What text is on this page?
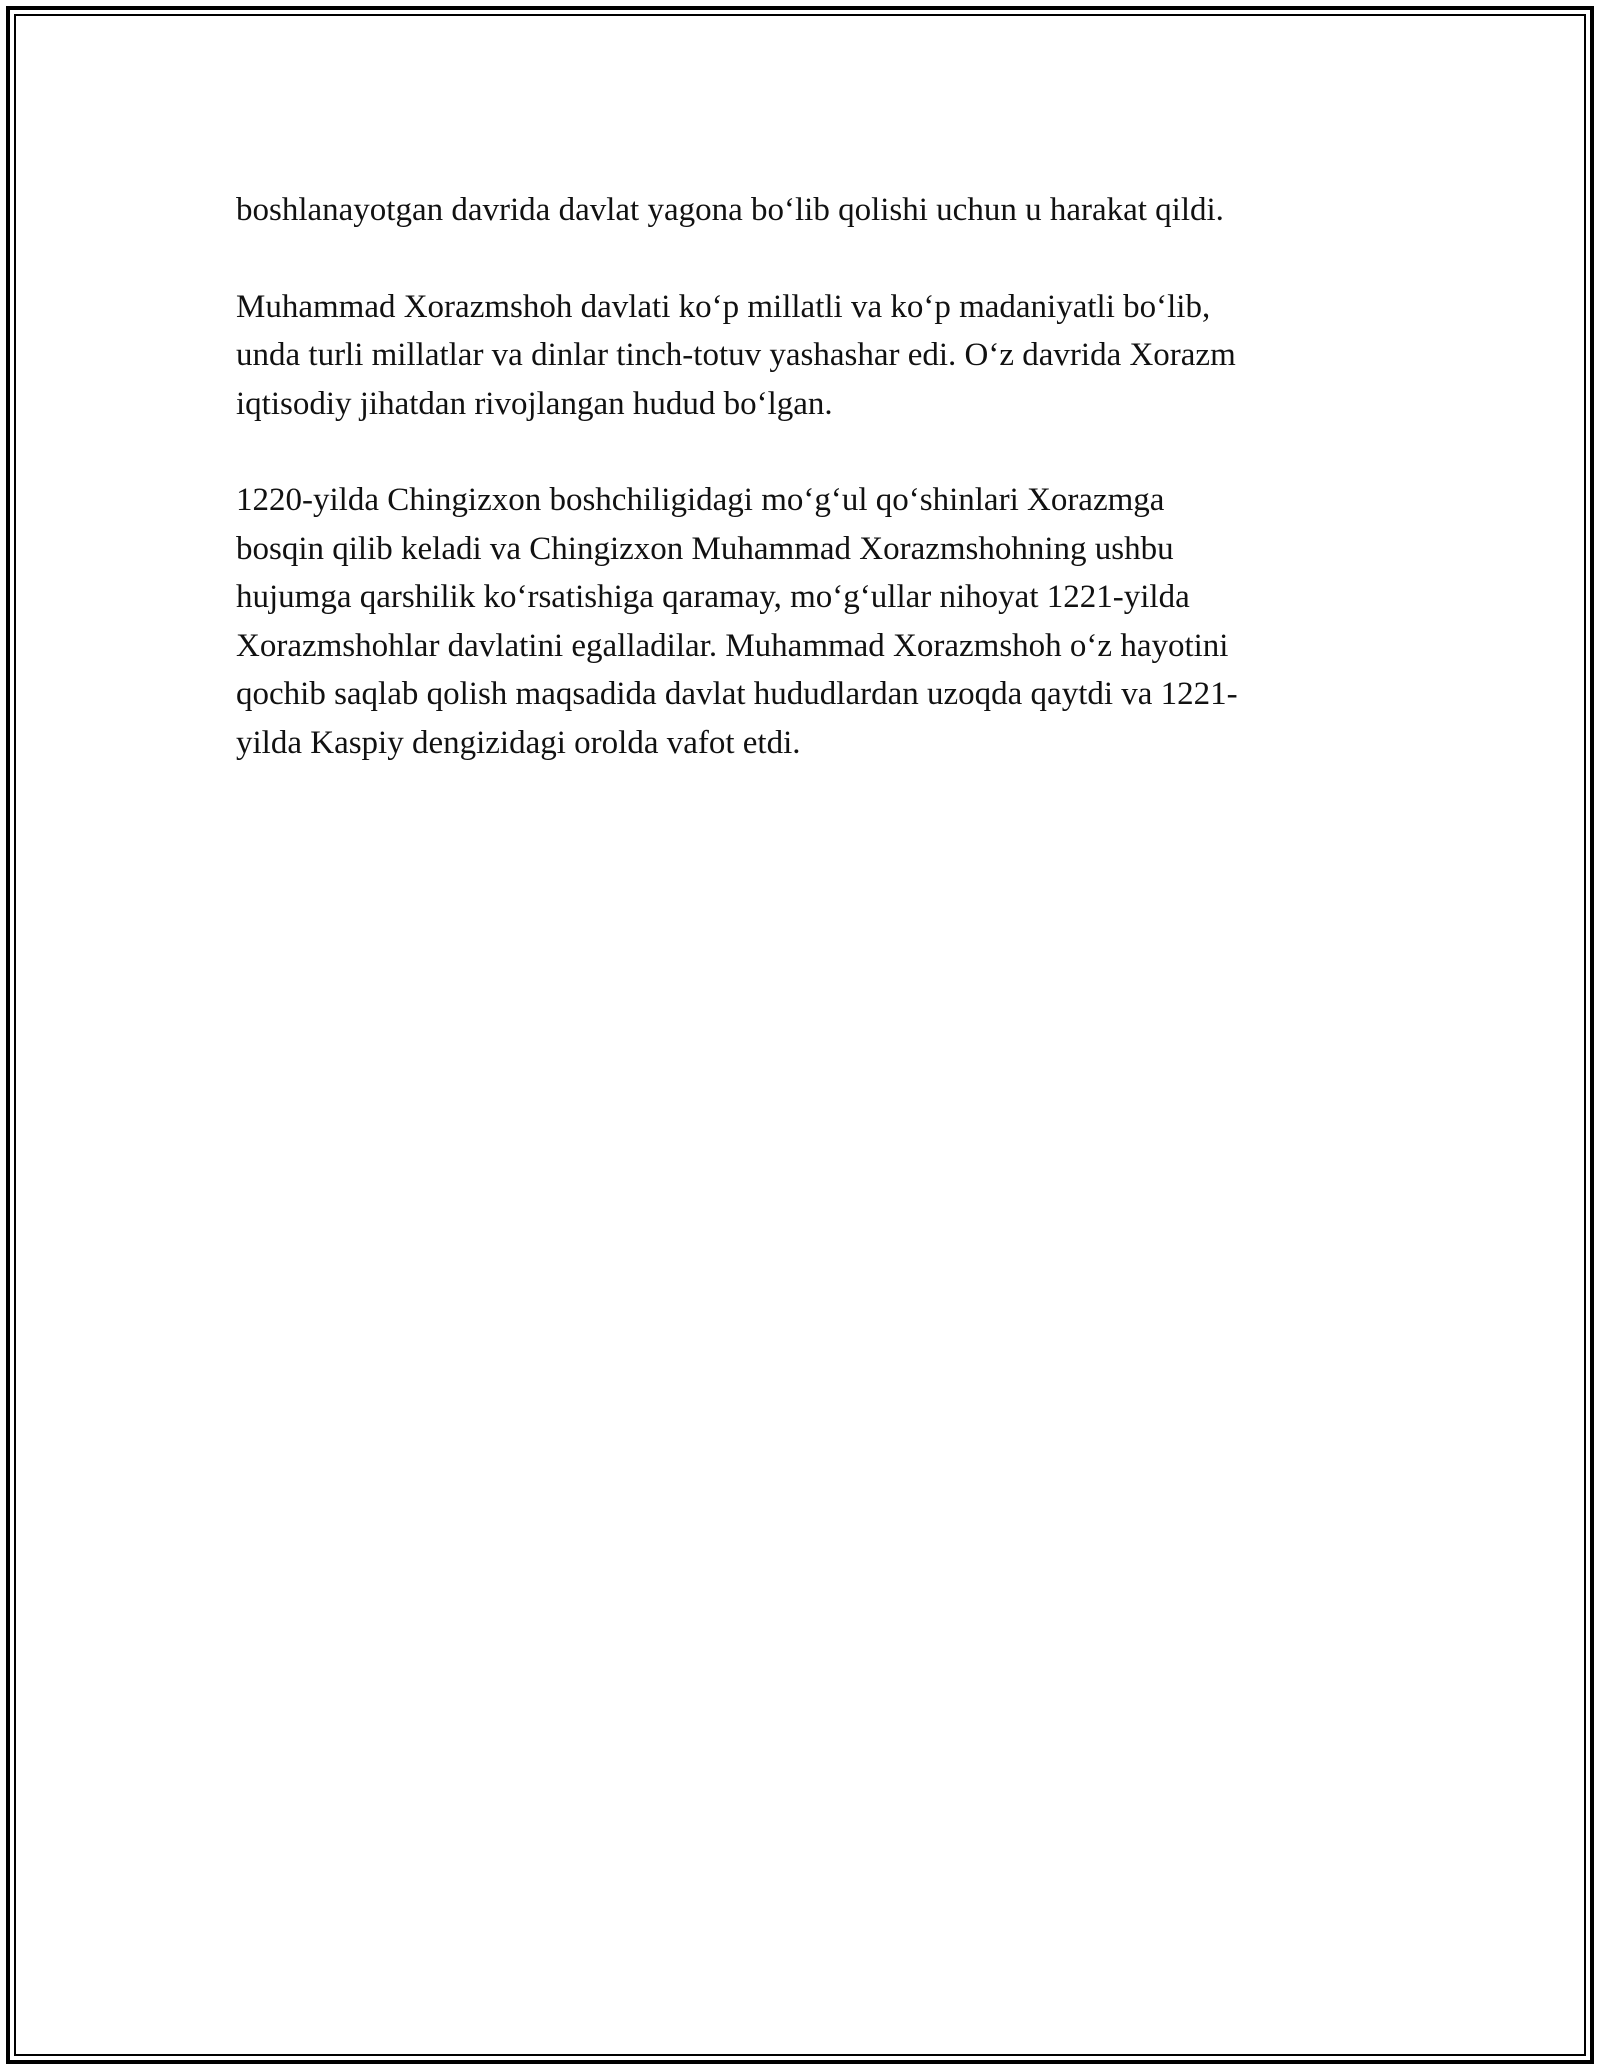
boshlanayotgan davrida davlat yagona bo‘lib qolishi uchun u harakat qildi.

Muhammad Xorazmshoh davlati ko‘p millatli va ko‘p madaniyatli bo‘lib,
unda turli millatlar va dinlar tinch-totuv yashashar edi. O‘z davrida Xorazm
iqtisodiy jihatdan rivojlangan hudud bo‘lgan.

1220-yilda Chingizxon boshchiligidagi mo‘g‘ul qo‘shinlari Xorazmga
bosqin qilib keladi va Chingizxon Muhammad Xorazmshohning ushbu
hujumga qarshilik ko‘rsatishiga qaramay, mo‘g‘ullar nihoyat 1221-yilda
Xorazmshohlar davlatini egalladilar. Muhammad Xorazmshoh o‘z hayotini
qochib saqlab qolish maqsadida davlat hududlardan uzoqda qaytdi va 1221-
yilda Kaspiy dengizidagi orolda vafot etdi.
